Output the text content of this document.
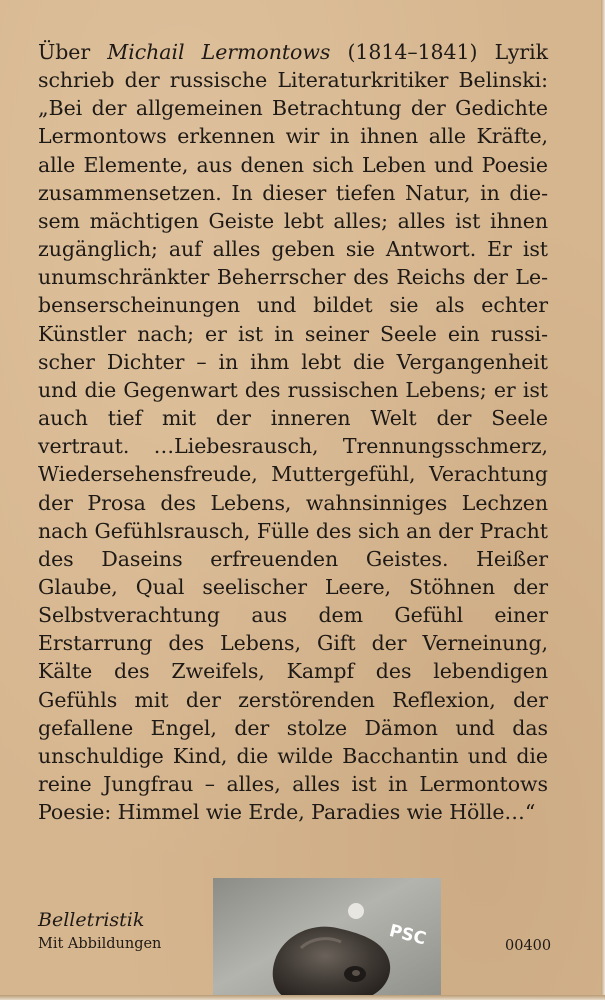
Über Michail Lermontows (1814–1841) Lyrik schrieb der russische Literaturkritiker Belinski: „Bei der allgemeinen Betrachtung der Gedichte Lermontows erkennen wir in ihnen alle Kräfte, alle Elemente, aus denen sich Leben und Poesie zusammensetzen. In dieser tiefen Natur, in diesem mächtigen Geiste lebt alles; alles ist ihnen zugänglich; auf alles geben sie Antwort. Er ist unumschränkter Beherrscher des Reichs der Lebenserscheinungen und bildet sie als echter Künstler nach; er ist in seiner Seele ein russischer Dichter – in ihm lebt die Vergangenheit und die Gegenwart des russischen Lebens; er ist auch tief mit der inneren Welt der Seele vertraut. …Liebesrausch, Trennungsschmerz, Wiedersehensfreude, Muttergefühl, Verachtung der Prosa des Lebens, wahnsinniges Lechzen nach Gefühlsrausch, Fülle des sich an der Pracht des Daseins erfreuenden Geistes. Heißer Glaube, Qual seelischer Leere, Stöhnen der Selbstverachtung aus dem Gefühl einer Erstarrung des Lebens, Gift der Verneinung, Kälte des Zweifels, Kampf des lebendigen Gefühls mit der zerstörenden Reflexion, der gefallene Engel, der stolze Dämon und das unschuldige Kind, die wilde Bacchantin und die reine Jungfrau – alles, alles ist in Lermontows Poesie: Himmel wie Erde, Paradies wie Hölle…“

Belletristik
Mit Abbildungen	00400
PSC
